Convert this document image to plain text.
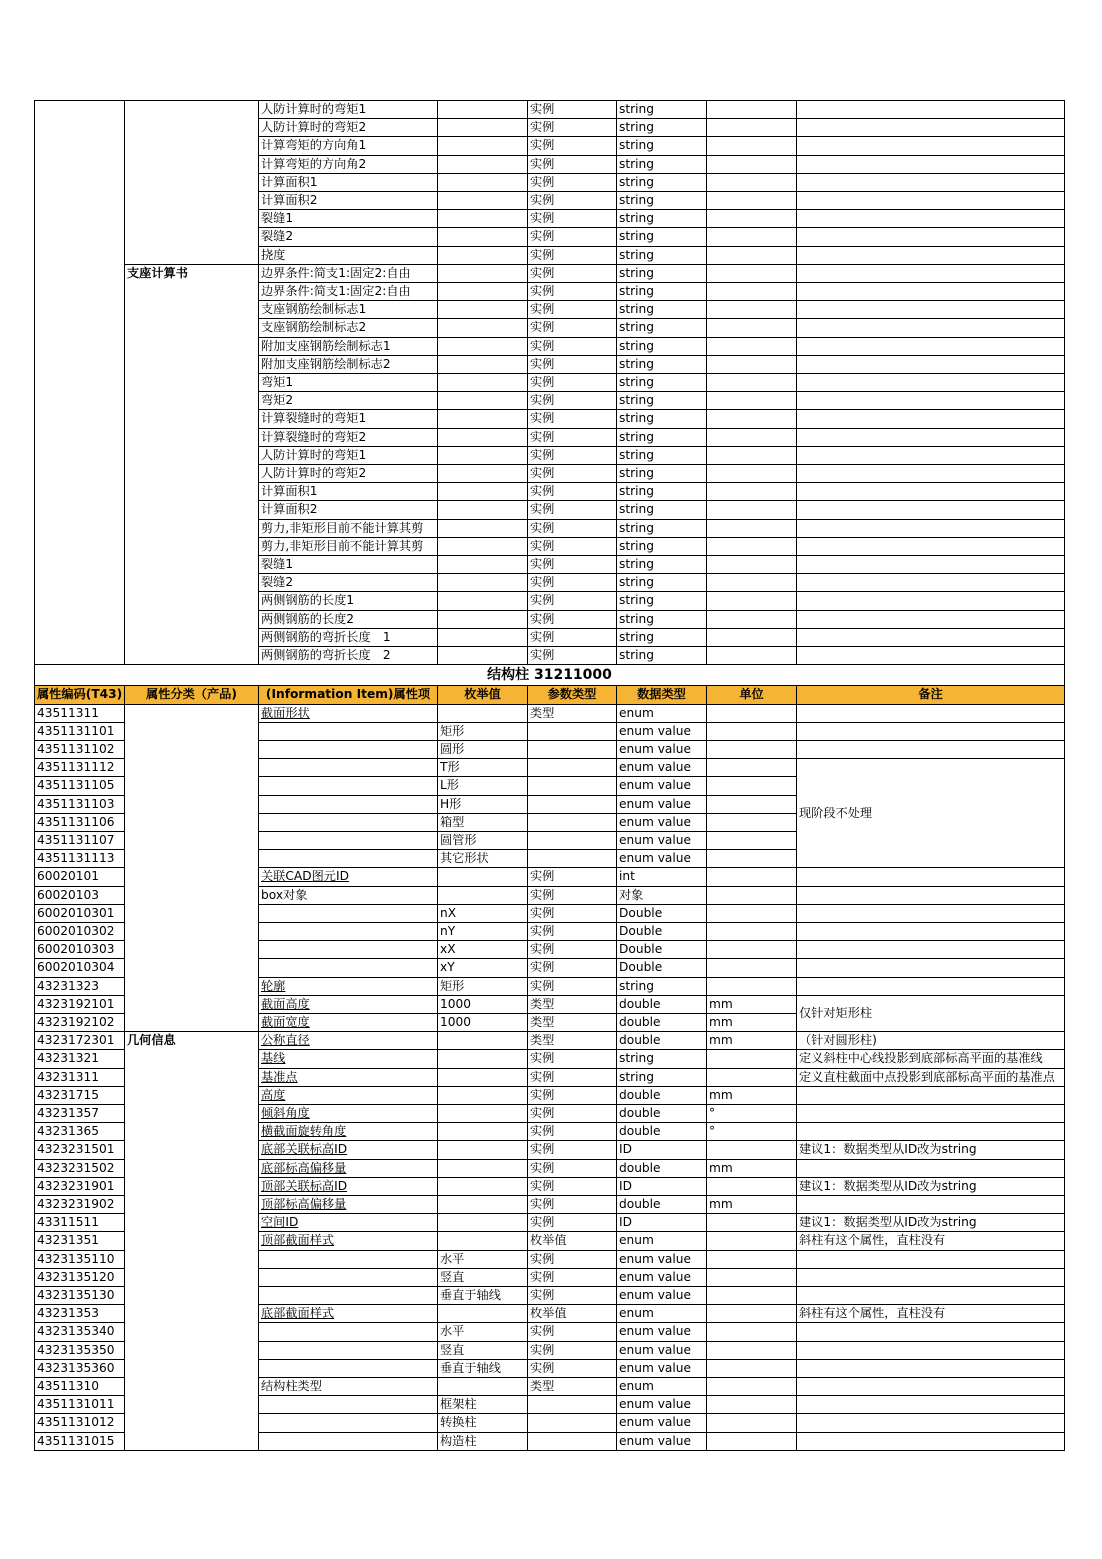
		人防计算时的弯矩1		实例	string		
		人防计算时的弯矩2		实例	string		
		计算弯矩的方向角1		实例	string		
		计算弯矩的方向角2		实例	string		
		计算面积1		实例	string		
		计算面积2		实例	string		
		裂缝1		实例	string		
		裂缝2		实例	string		
		挠度		实例	string		
	支座计算书	边界条件:简支1:固定2:自由		实例	string		
		边界条件:简支1:固定2:自由		实例	string		
		支座钢筋绘制标志1		实例	string		
		支座钢筋绘制标志2		实例	string		
		附加支座钢筋绘制标志1		实例	string		
		附加支座钢筋绘制标志2		实例	string		
		弯矩1		实例	string		
		弯矩2		实例	string		
		计算裂缝时的弯矩1		实例	string		
		计算裂缝时的弯矩2		实例	string		
		人防计算时的弯矩1		实例	string		
		人防计算时的弯矩2		实例	string		
		计算面积1		实例	string		
		计算面积2		实例	string		
		剪力,非矩形目前不能计算其剪		实例	string		
		剪力,非矩形目前不能计算其剪		实例	string		
		裂缝1		实例	string		
		裂缝2		实例	string		
		两侧钢筋的长度1		实例	string		
		两侧钢筋的长度2		实例	string		
		两侧钢筋的弯折长度　1		实例	string		
		两侧钢筋的弯折长度　2		实例	string		
结构柱 31211000							
属性编码(T43)	属性分类（产品)	(Information Item)属性项	枚举值	参数类型	数据类型	单位	备注
43511311		截面形状		类型	enum		
4351131101			矩形		enum value		
4351131102			圆形		enum value		
4351131112			T形		enum value		现阶段不处理
4351131105			L形		enum value		
4351131103			H形		enum value		
4351131106			箱型		enum value		
4351131107			圆管形		enum value		
4351131113			其它形状		enum value		
60020101		关联CAD图元ID		实例	int		
60020103		box对象		实例	对象		
6002010301			nX	实例	Double		
6002010302			nY	实例	Double		
6002010303			xX	实例	Double		
6002010304			xY	实例	Double		
43231323		轮廓	矩形	实例	string		
4323192101		截面高度	1000	类型	double	mm	仅针对矩形柱
4323192102		截面宽度	1000	类型	double	mm	
4323172301	几何信息	公称直径		类型	double	mm	（针对圆形柱)
43231321		基线		实例	string		定义斜柱中心线投影到底部标高平面的基准线
43231311		基准点		实例	string		定义直柱截面中点投影到底部标高平面的基准点
43231715		高度		实例	double	mm	
43231357		倾斜角度		实例	double	°	
43231365		横截面旋转角度		实例	double	°	
4323231501		底部关联标高ID		实例	ID		建议1：数据类型从ID改为string
4323231502		底部标高偏移量		实例	double	mm	
4323231901		顶部关联标高ID		实例	ID		建议1：数据类型从ID改为string
4323231902		顶部标高偏移量		实例	double	mm	
43311511		空间ID		实例	ID		建议1：数据类型从ID改为string
43231351		顶部截面样式		枚举值	enum		斜柱有这个属性，直柱没有
4323135110			水平	实例	enum value		
4323135120			竖直	实例	enum value		
4323135130			垂直于轴线	实例	enum value		
43231353		底部截面样式		枚举值	enum		斜柱有这个属性，直柱没有
4323135340			水平	实例	enum value		
4323135350			竖直	实例	enum value		
4323135360			垂直于轴线	实例	enum value		
43511310		结构柱类型		类型	enum		
4351131011			框架柱		enum value		
4351131012			转换柱		enum value		
4351131015			构造柱		enum value		
